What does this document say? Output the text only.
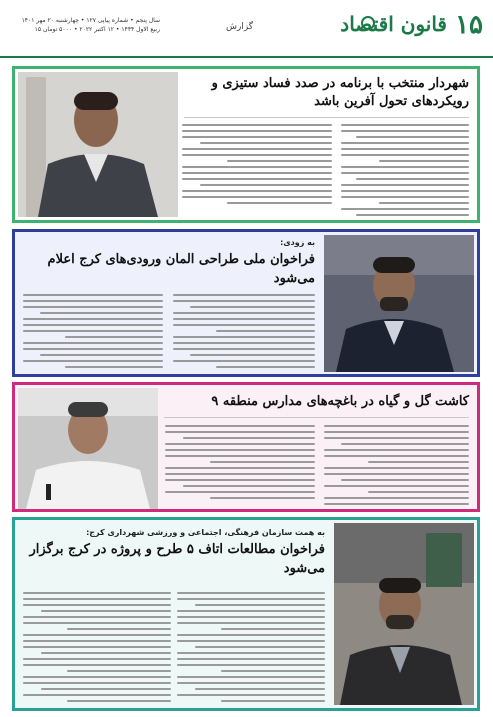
۱۵
قانون اقتصاد
گزارش
سال پنجم • شماره پیاپی ۱۲۷ • چهارشنبه ۲۰ مهر ۱۴۰۱
۱۵ ربیع الاول ۱۴۴۴ • ۱۲ اکتبر ۲۰۲۲ • ۵۰۰۰ تومان
شهردار منتخب با برنامه در صدد فساد ستیزی و رویکردهای تحول آفرین باشد
به زودی:
فراخوان ملی طراحی المان ورودی‌های کرج اعلام می‌شود
کاشت گل و گیاه در باغچه‌های مدارس منطقه ۹
به همت سازمان فرهنگی، اجتماعی و ورزشی شهرداری کرج:
فراخوان مطالعات اتاف ۵ طرح و پروژه در کرج برگزار می‌شود
